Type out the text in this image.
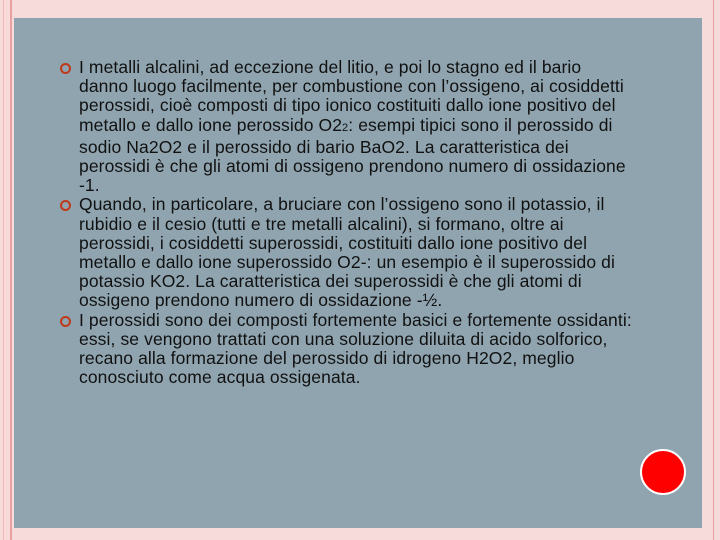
I metalli alcalini, ad eccezione del litio, e poi lo stagno ed il bario danno luogo facilmente, per combustione con l’ossigeno, ai cosiddetti perossidi, cioè composti di tipo ionico costituiti dallo ione positivo del metallo e dallo ione perossido O22: esempi tipici sono il perossido di sodio Na2O2 e il perossido di bario BaO2. La caratteristica dei perossidi è che gli atomi di ossigeno prendono numero di ossidazione -1.
Quando, in particolare, a bruciare con l’ossigeno sono il potassio, il rubidio e il cesio (tutti e tre metalli alcalini), si formano, oltre ai perossidi, i cosiddetti superossidi, costituiti dallo ione positivo del metallo e dallo ione superossido O2-: un esempio è il superossido di potassio KO2. La caratteristica dei superossidi è che gli atomi di ossigeno prendono numero di ossidazione -½.
I perossidi sono dei composti fortemente basici e fortemente ossidanti: essi, se vengono trattati con una soluzione diluita di acido solforico, recano alla formazione del perossido di idrogeno H2O2, meglio conosciuto come acqua ossigenata.
